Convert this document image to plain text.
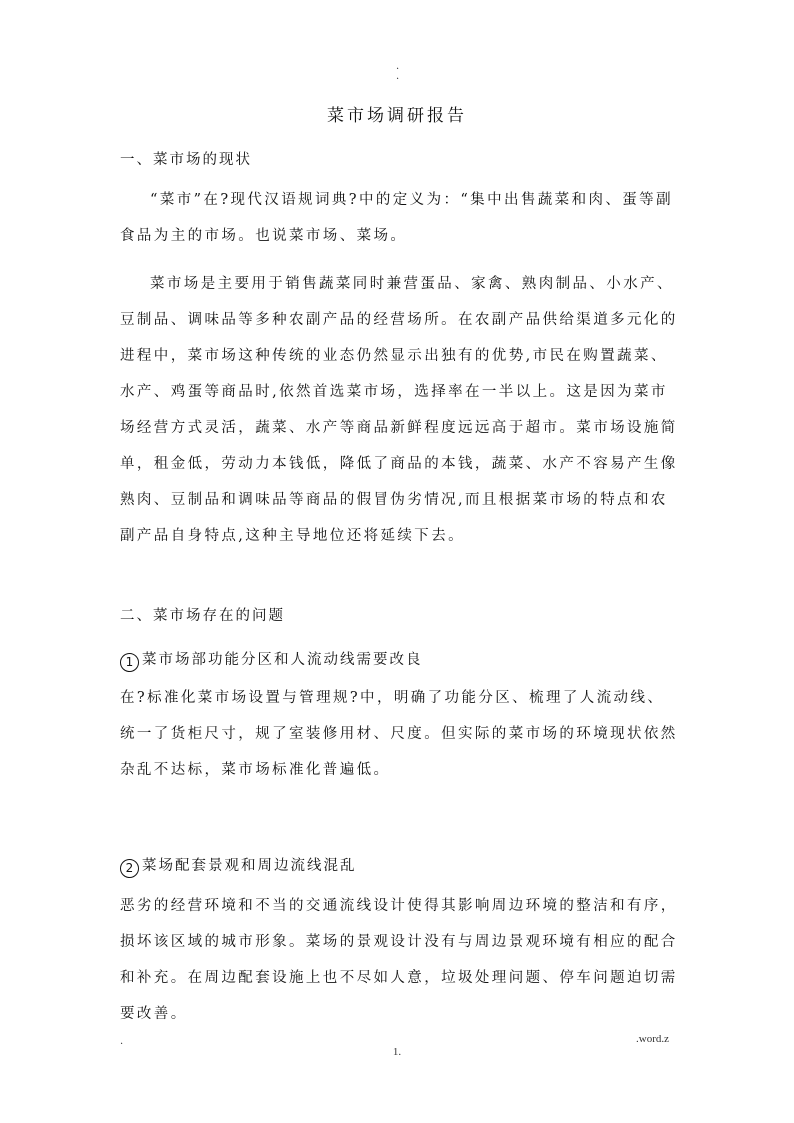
.
.
菜市场调研报告
一、菜市场的现状
“菜市”在?现代汉语规词典?中的定义为：“集中出售蔬菜和肉、蛋等副食品为主的市场。也说菜市场、菜场。
菜市场是主要用于销售蔬菜同时兼营蛋品、家禽、熟肉制品、小水产、豆制品、调味品等多种农副产品的经营场所。在农副产品供给渠道多元化的进程中，菜市场这种传统的业态仍然显示出独有的优势,市民在购置蔬菜、水产、鸡蛋等商品时,依然首选菜市场，选择率在一半以上。这是因为菜市场经营方式灵活，蔬菜、水产等商品新鲜程度远远高于超市。菜市场设施简单，租金低，劳动力本钱低，降低了商品的本钱，蔬菜、水产不容易产生像熟肉、豆制品和调味品等商品的假冒伪劣情况,而且根据菜市场的特点和农副产品自身特点,这种主导地位还将延续下去。
二、菜市场存在的问题
1 菜市场部功能分区和人流动线需要改良
在?标准化菜市场设置与管理规?中，明确了功能分区、梳理了人流动线、统一了货柜尺寸，规了室装修用材、尺度。但实际的菜市场的环境现状依然杂乱不达标，菜市场标准化普遍低。
2 菜场配套景观和周边流线混乱
恶劣的经营环境和不当的交通流线设计使得其影响周边环境的整洁和有序，损坏该区域的城市形象。菜场的景观设计没有与周边景观环境有相应的配合和补充。在周边配套设施上也不尽如人意，垃圾处理问题、停车问题迫切需要改善。
.	.word.z
1.
